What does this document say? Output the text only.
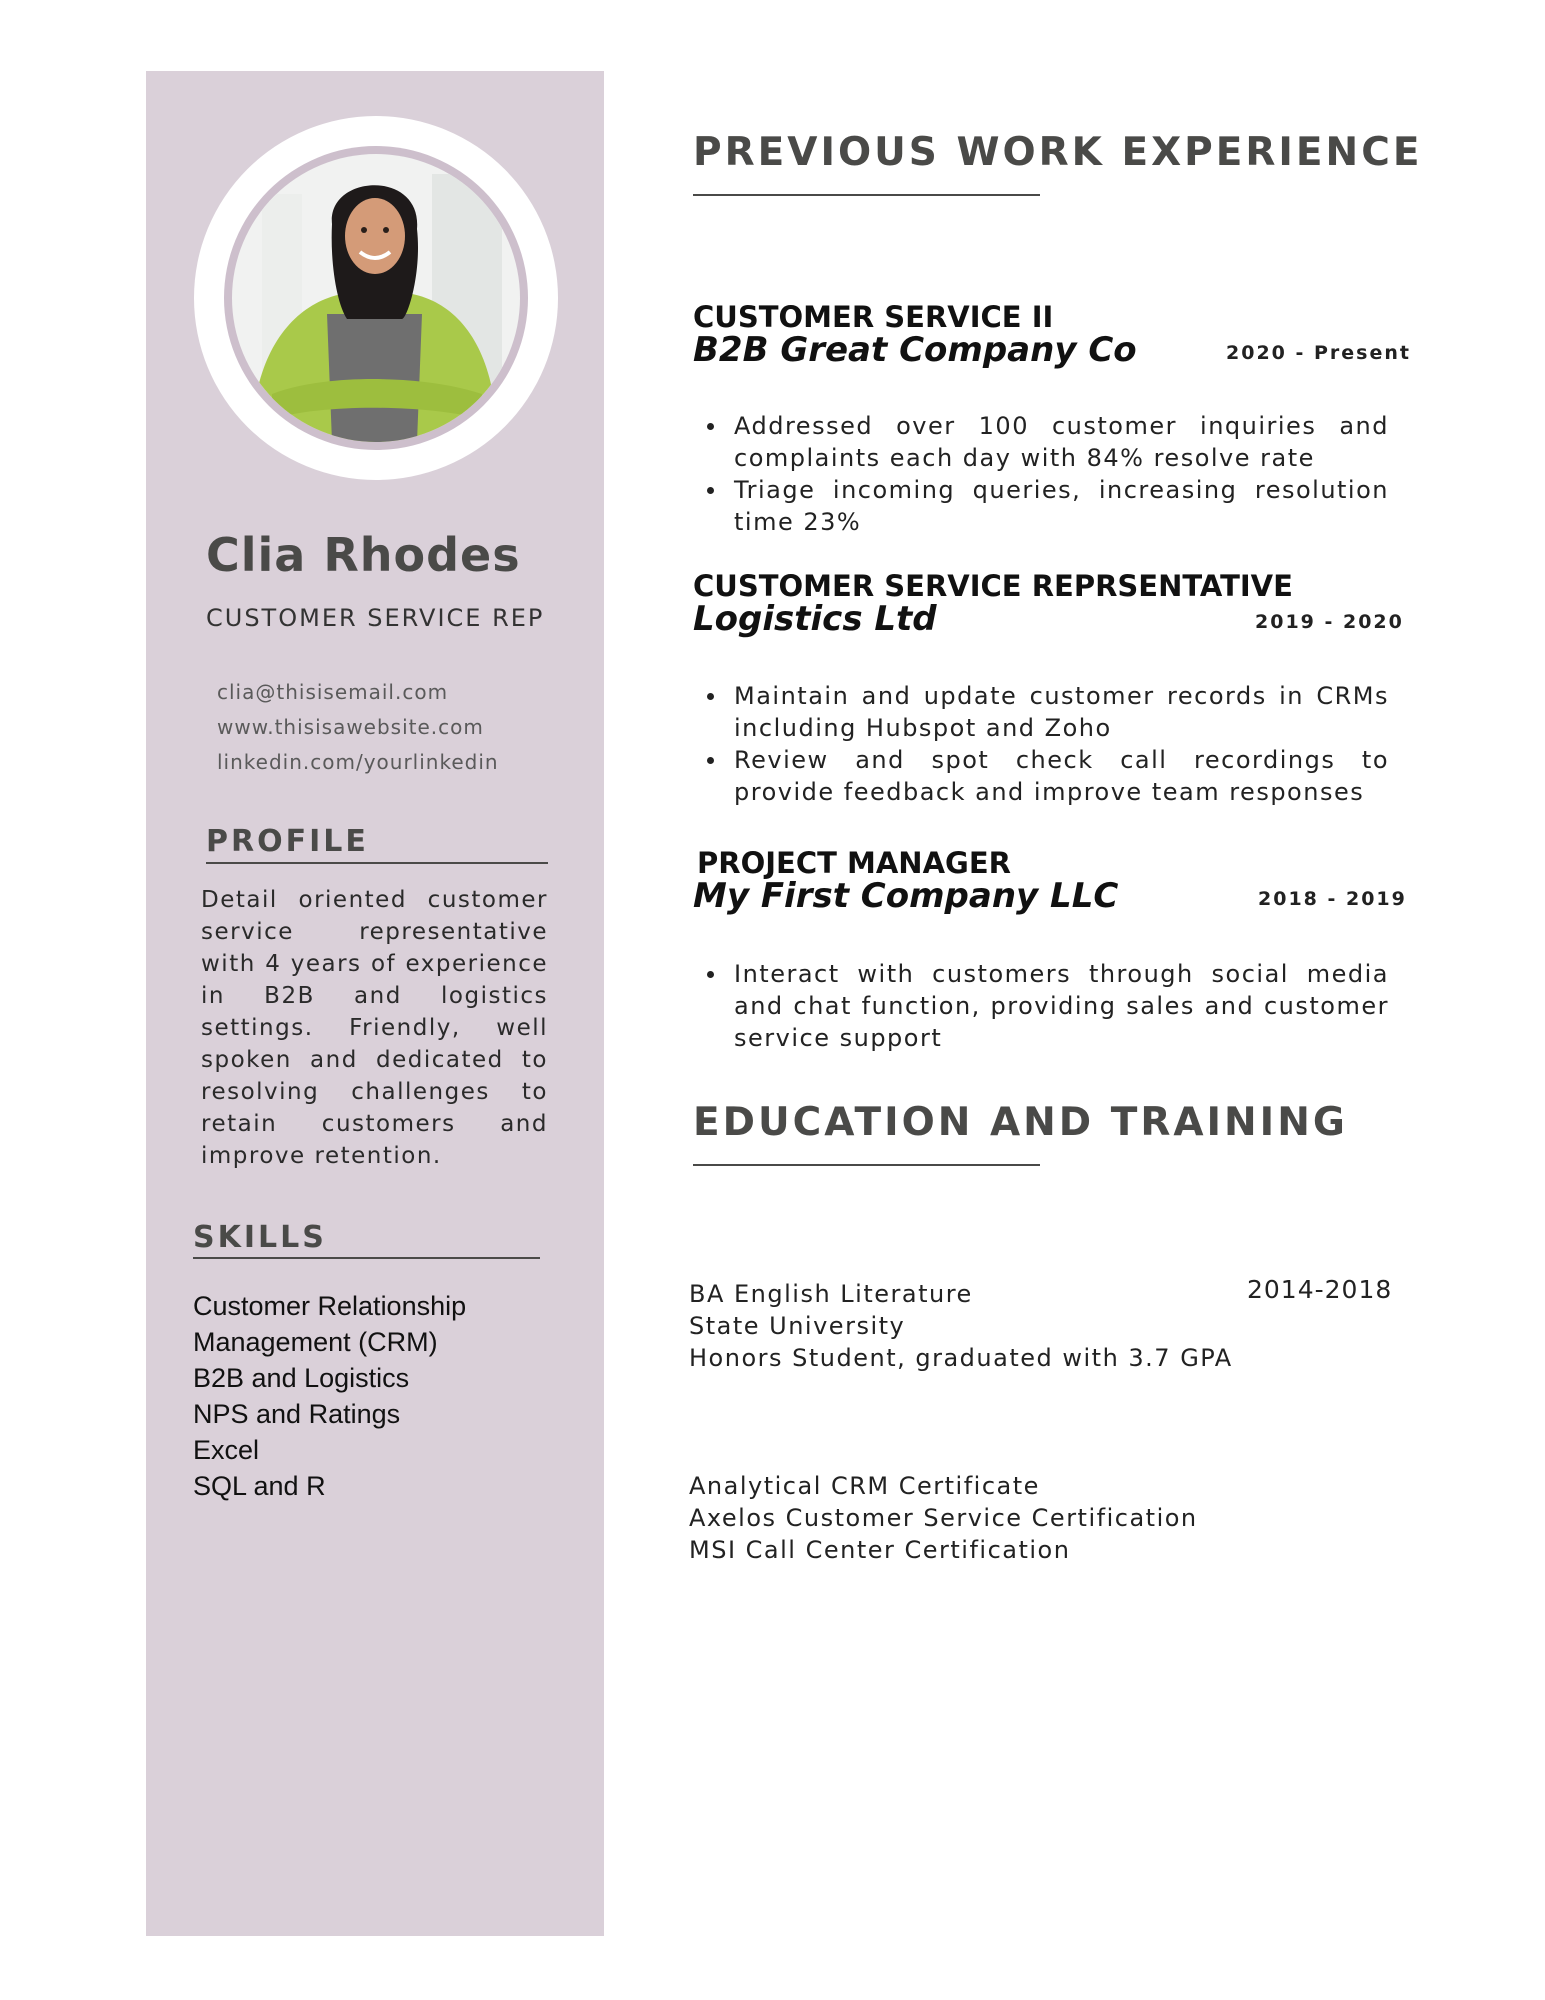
Clia Rhodes
CUSTOMER SERVICE REP
clia@thisisemail.com
www.thisisawebsite.com
linkedin.com/yourlinkedin
PROFILE
Detail oriented customer service representative with 4 years of experience in B2B and logistics settings. Friendly, well spoken and dedicated to resolving challenges to retain customers and improve retention.
SKILLS
Customer Relationship Management (CRM)
B2B and Logistics
NPS and Ratings
Excel
SQL and R
PREVIOUS WORK EXPERIENCE
CUSTOMER SERVICE II
B2B Great Company Co	2020 - Present
Addressed over 100 customer inquiries and complaints each day with 84% resolve rate
Triage incoming queries, increasing resolution time 23%
CUSTOMER SERVICE REPRSENTATIVE
Logistics Ltd	2019 - 2020
Maintain and update customer records in CRMs including Hubspot and Zoho
Review and spot check call recordings to provide feedback and improve team responses
PROJECT MANAGER
My First Company LLC	2018 - 2019
Interact with customers through social media and chat function, providing sales and customer service support
EDUCATION AND TRAINING
BA English Literature
State University
Honors Student, graduated with 3.7 GPA
2014-2018
Analytical CRM Certificate
Axelos Customer Service Certification
MSI Call Center Certification
